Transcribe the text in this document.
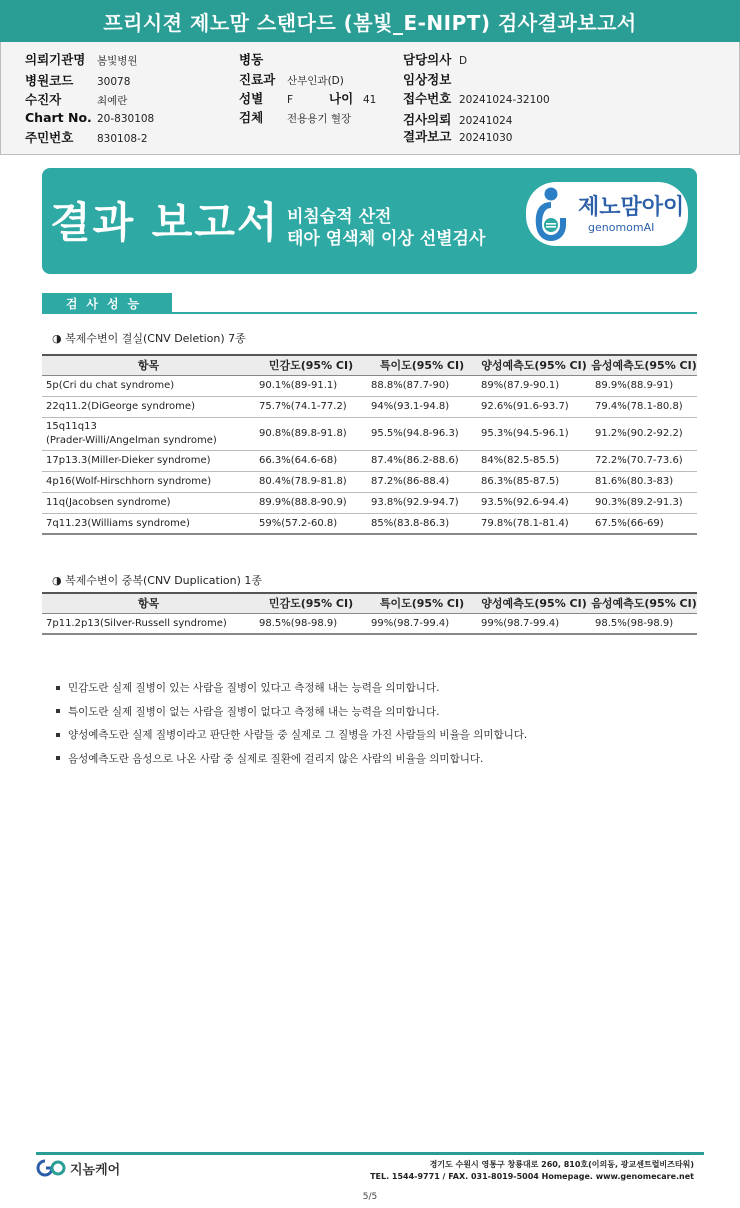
프리시젼 제노맘 스탠다드 (봄빛_E-NIPT) 검사결과보고서
의뢰기관명	봄빛병원
병원코드	30078
수진자	최예란
Chart No. 20-830108
주민번호	830108-2
병동
진료과	산부인과(D)
성별	F	나이 41
검체	전용용기 혈장
담당의사 D
임상정보
접수번호 20241024-32100
검사의뢰 20241024
결과보고 20241030
결과 보고서 비침습적 산전
태아 염색체 이상 선별검사
제노맘아이
genomomAI
검사성능
◑ 복제수변이 결실(CNV Deletion) 7종
항목	민감도(95% CI)	특이도(95% CI)	양성예측도(95% CI)	음성예측도(95% CI)
5p(Cri du chat syndrome)	90.1%(89-91.1)	88.8%(87.7-90)	89%(87.9-90.1)	89.9%(88.9-91)
22q11.2(DiGeorge syndrome)	75.7%(74.1-77.2)	94%(93.1-94.8)	92.6%(91.6-93.7)	79.4%(78.1-80.8)
15q11q13
(Prader-Willi/Angelman syndrome)	90.8%(89.8-91.8)	95.5%(94.8-96.3)	95.3%(94.5-96.1)	91.2%(90.2-92.2)
17p13.3(Miller-Dieker syndrome)	66.3%(64.6-68)	87.4%(86.2-88.6)	84%(82.5-85.5)	72.2%(70.7-73.6)
4p16(Wolf-Hirschhorn syndrome)	80.4%(78.9-81.8)	87.2%(86-88.4)	86.3%(85-87.5)	81.6%(80.3-83)
11q(Jacobsen syndrome)	89.9%(88.8-90.9)	93.8%(92.9-94.7)	93.5%(92.6-94.4)	90.3%(89.2-91.3)
7q11.23(Williams syndrome)	59%(57.2-60.8)	85%(83.8-86.3)	79.8%(78.1-81.4)	67.5%(66-69)
◑ 복제수변이 중복(CNV Duplication) 1종
항목	민감도(95% CI)	특이도(95% CI)	양성예측도(95% CI)	음성예측도(95% CI)
7p11.2p13(Silver-Russell syndrome)	98.5%(98-98.9)	99%(98.7-99.4)	99%(98.7-99.4)	98.5%(98-98.9)
민감도란 실제 질병이 있는 사람을 질병이 있다고 측정해 내는 능력을 의미합니다.
특이도란 실제 질병이 없는 사람을 질병이 없다고 측정해 내는 능력을 의미합니다.
양성예측도란 실제 질병이라고 판단한 사람들 중 실제로 그 질병을 가진 사람들의 비율을 의미합니다.
음성예측도란 음성으로 나온 사람 중 실제로 질환에 걸리지 않은 사람의 비율을 의미합니다.
지놈케어	경기도 수원시 영통구 창룡대로 260, 810호(이의동, 광교센트럴비즈타워)
TEL. 1544-9771 / FAX. 031-8019-5004 Homepage. www.genomecare.net
5/5
